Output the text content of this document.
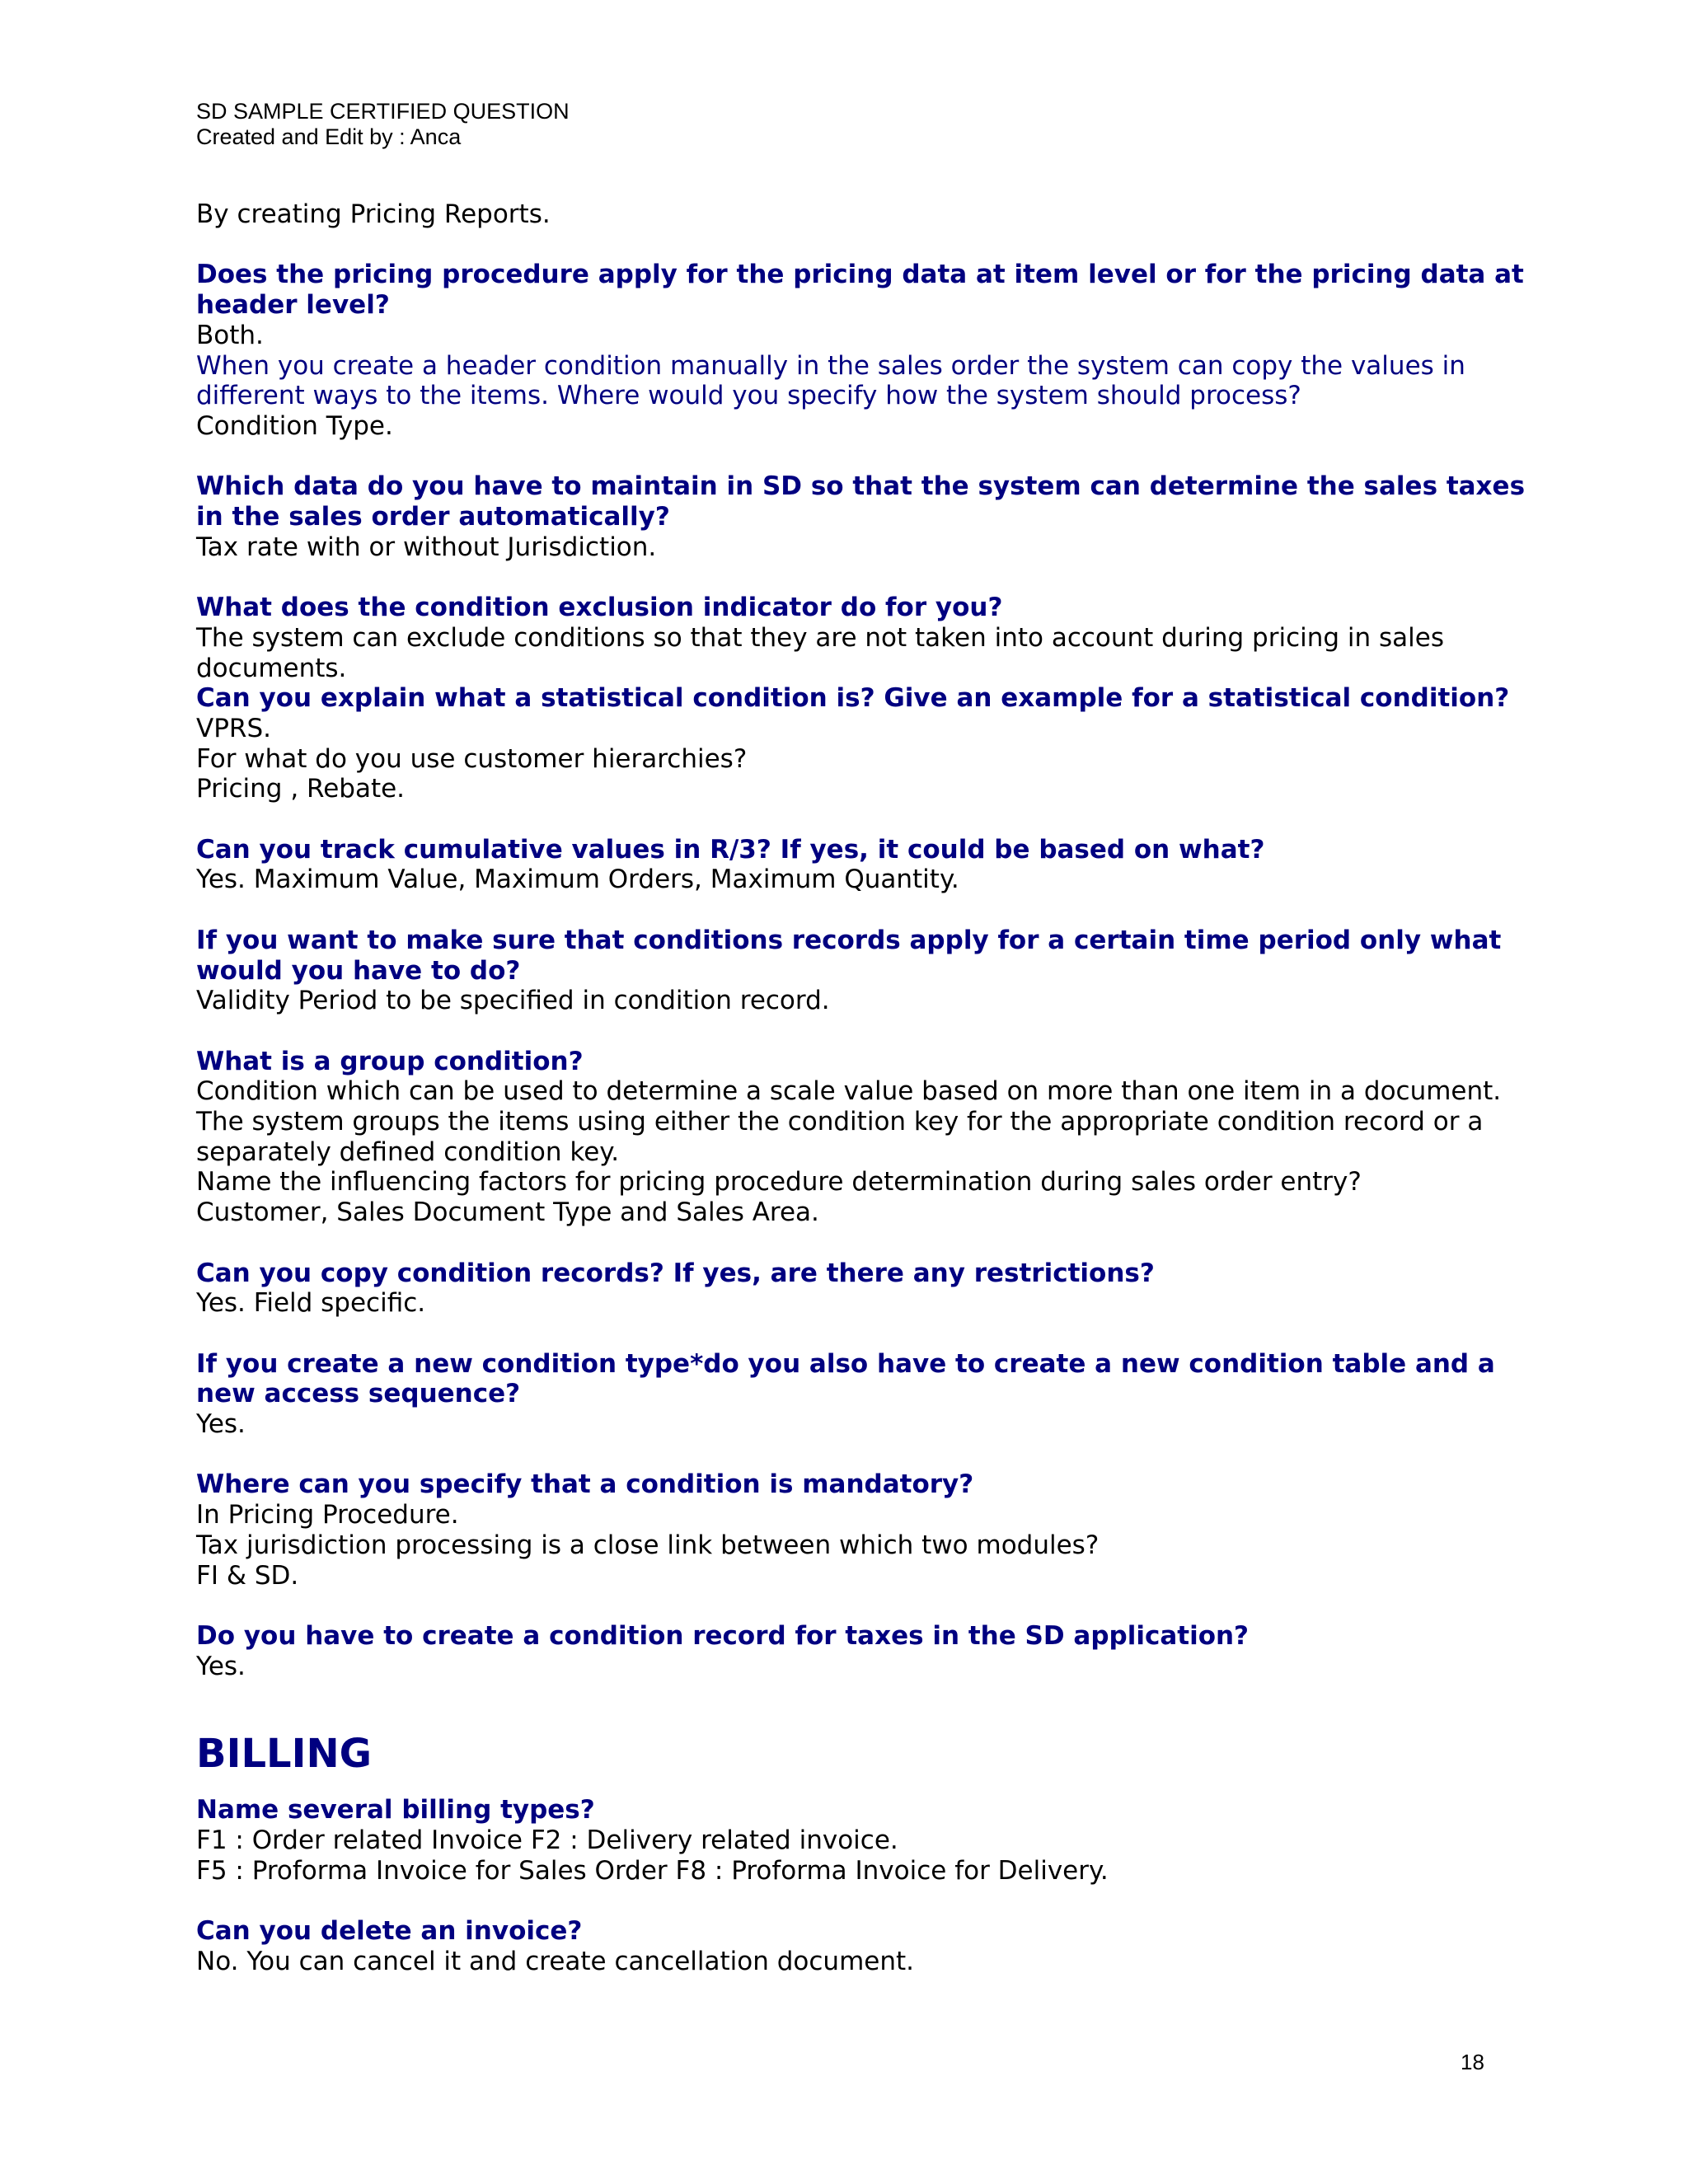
SD SAMPLE CERTIFIED QUESTION
Created and Edit by : Anca

By creating Pricing Reports.

Does the pricing procedure apply for the pricing data at item level or for the pricing data at

header level?

Both.

When you create a header condition manually in the sales order the system can copy the values in

different ways to the items. Where would you specify how the system should process?

Condition Type.

Which data do you have to maintain in SD so that the system can determine the sales taxes

in the sales order automatically?

Tax rate with or without Jurisdiction.

What does the condition exclusion indicator do for you?

The system can exclude conditions so that they are not taken into account during pricing in sales

documents.

Can you explain what a statistical condition is? Give an example for a statistical condition?

VPRS.

For what do you use customer hierarchies?

Pricing , Rebate.

Can you track cumulative values in R/3? If yes, it could be based on what?

Yes. Maximum Value, Maximum Orders, Maximum Quantity.

If you want to make sure that conditions records apply for a certain time period only what

would you have to do?

Validity Period to be specified in condition record.

What is a group condition?

Condition which can be used to determine a scale value based on more than one item in a document.

The system groups the items using either the condition key for the appropriate condition record or a

separately defined condition key.

Name the influencing factors for pricing procedure determination during sales order entry?

Customer, Sales Document Type and Sales Area.

Can you copy condition records? If yes, are there any restrictions?

Yes. Field specific.

If you create a new condition type*do you also have to create a new condition table and a

new access sequence?

Yes.

Where can you specify that a condition is mandatory?

In Pricing Procedure.

Tax jurisdiction processing is a close link between which two modules?

FI & SD.

Do you have to create a condition record for taxes in the SD application?

Yes.

BILLING

Name several billing types?

F1 : Order related Invoice F2 : Delivery related invoice.

F5 : Proforma Invoice for Sales Order F8 : Proforma Invoice for Delivery.

Can you delete an invoice?

No. You can cancel it and create cancellation document.

18
